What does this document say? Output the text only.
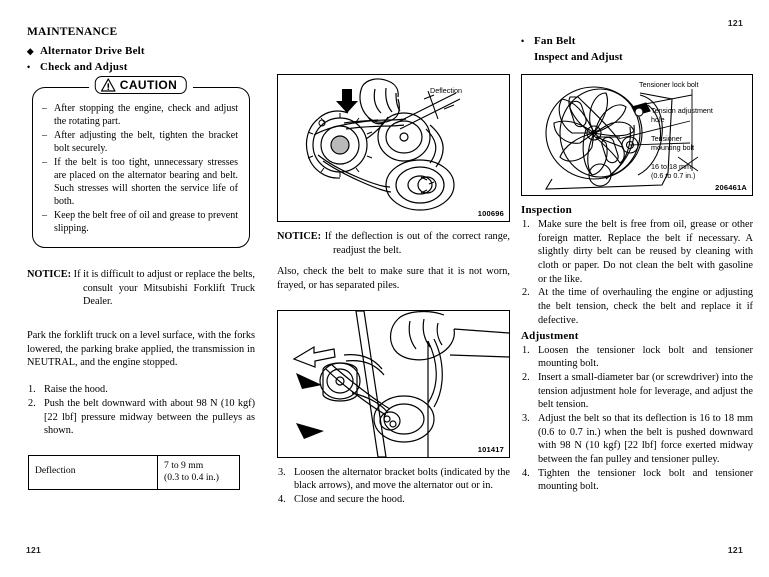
121
121	121
MAINTENANCE
◆ Alternator Drive Belt
• Check and Adjust
– After stopping the engine, check and adjust the rotating part.
– After adjusting the belt, tighten the bracket bolt securely.
– If the belt is too tight, unnecessary stresses are placed on the alternator bearing and belt. Such stresses will shorten the service life of both.
– Keep the belt free of oil and grease to prevent slipping.
CAUTION
NOTICE: If it is difficult to adjust or replace the belts, consult your Mitsubishi Forklift Truck Dealer.

Park the forklift truck on a level surface, with the forks lowered, the parking brake applied, the transmission in NEUTRAL, and the engine stopped.

Raise the hood.
Push the belt downward with about 98 N (10 kgf) [22 lbf] pressure midway between the pulleys as shown.
Deflection	7 to 9 mm
(0.3 to 0.4 in.)
Deflection
100696
NOTICE: If the deflection is out of the correct range, readjust the belt.

Also, check the belt to make sure that it is not worn, frayed, or has separated piles.

101417
Loosen the alternator bracket bolts (indicated by the black arrows), and move the alternator out or in.
Close and secure the hood.
• Fan Belt
Inspect and Adjust
Tensioner lock bolt
Tension adjustment hole
Tensioner mounting bolt
16 to 18 mm
(0.6 to 0.7 in.)
206461A
Inspection
Make sure the belt is free from oil, grease or other foreign matter. Replace the belt if necessary. A slightly dirty belt can be reused by cleaning with cloth or paper. Do not clean the belt with gasoline or the like.
At the time of overhauling the engine or adjusting the belt tension, check the belt and replace it if defective.
Adjustment
Loosen the tensioner lock bolt and tensioner mounting bolt.
Insert a small-diameter bar (or screwdriver) into the tension adjustment hole for leverage, and adjust the belt tension.
Adjust the belt so that its deflection is 16 to 18 mm (0.6 to 0.7 in.) when the belt is pushed downward with 98 N (10 kgf) [22 lbf] force exerted midway between the fan pulley and tensioner pulley.
Tighten the tensioner lock bolt and tensioner mounting bolt.
